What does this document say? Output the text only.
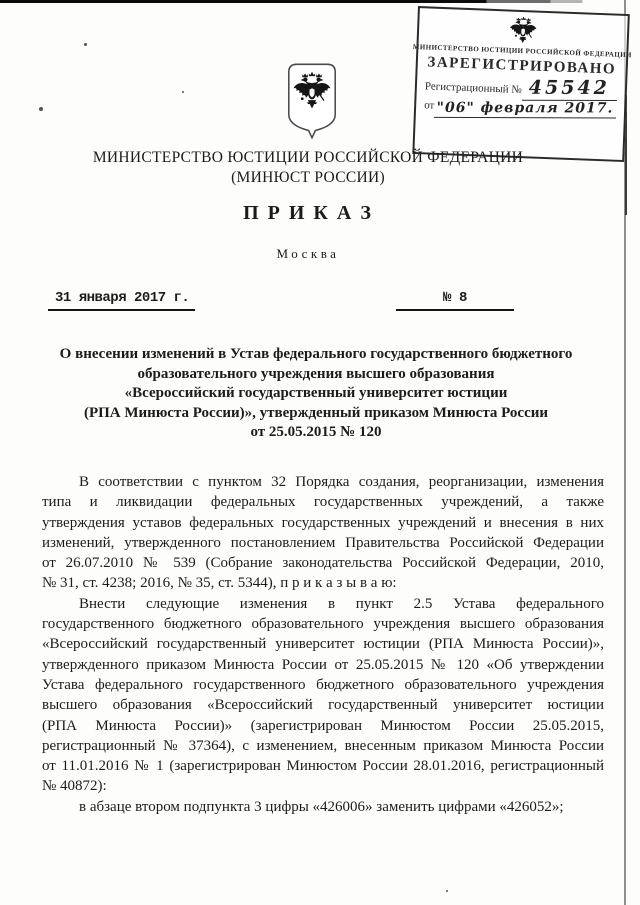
МИНИСТЕРСТВО ЮСТИЦИИ РОССИЙСКОЙ ФЕДЕРАЦИИ
ЗАРЕГИСТРИРОВАНО
Регистрационный № 45542
от "06" февраля 2017.
МИНИСТЕРСТВО ЮСТИЦИИ РОССИЙСКОЙ ФЕДЕРАЦИИ
(МИНЮСТ РОССИИ)
П Р И К А З
Москва
31 января 2017 г.	№ 8
О внесении изменений в Устав федерального государственного бюджетного
образовательного учреждения высшего образования
«Всероссийский государственный университет юстиции
(РПА Минюста России)», утвержденный приказом Минюста России
от 25.05.2015 № 120
В соответствии с пунктом 32 Порядка создания, реорганизации, изменения
типа и ликвидации федеральных государственных учреждений, а также
утверждения уставов федеральных государственных учреждений и внесения в них
изменений, утвержденного постановлением Правительства Российской Федерации
от 26.07.2010 № 539 (Собрание законодательства Российской Федерации, 2010,
№ 31, ст. 4238; 2016, № 35, ст. 5344), п р и к а з ы в а ю:
Внести следующие изменения в пункт 2.5 Устава федерального
государственного бюджетного образовательного учреждения высшего образования
«Всероссийский государственный университет юстиции (РПА Минюста России)»,
утвержденного приказом Минюста России от 25.05.2015 № 120 «Об утверждении
Устава федерального государственного бюджетного образовательного учреждения
высшего образования «Всероссийский государственный университет юстиции
(РПА Минюста России)» (зарегистрирован Минюстом России 25.05.2015,
регистрационный № 37364), с изменением, внесенным приказом Минюста России
от 11.01.2016 № 1 (зарегистрирован Минюстом России 28.01.2016, регистрационный
№ 40872):
в абзаце втором подпункта 3 цифры «426006» заменить цифрами «426052»;
